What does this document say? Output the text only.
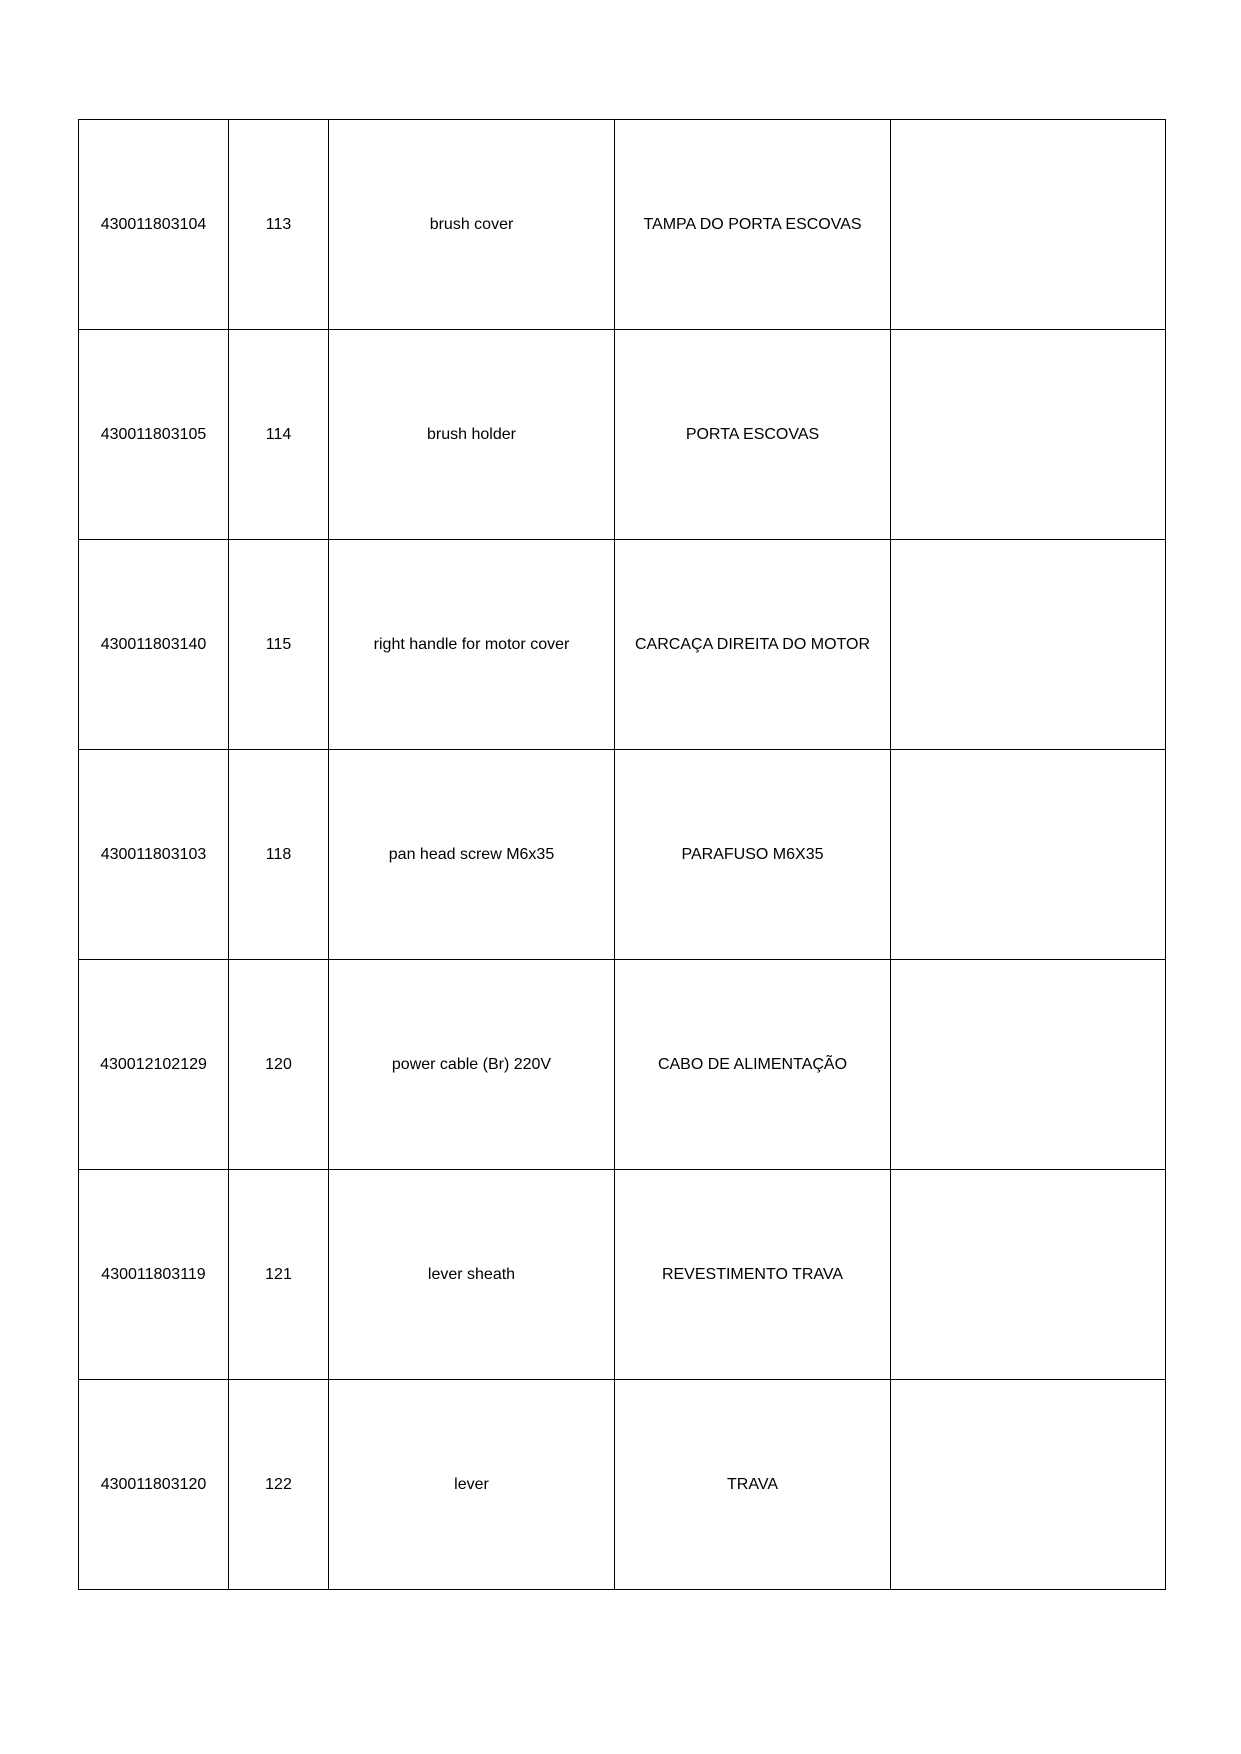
430011803104	113	brush cover	TAMPA DO PORTA ESCOVAS	
430011803105	114	brush holder	PORTA ESCOVAS	
430011803140	115	right handle for motor cover	CARCAÇA DIREITA DO MOTOR	
430011803103	118	pan head screw M6x35	PARAFUSO M6X35	
430012102129	120	power cable (Br) 220V	CABO DE ALIMENTAÇÃO	
430011803119	121	lever sheath	REVESTIMENTO TRAVA	
430011803120	122	lever	TRAVA	
